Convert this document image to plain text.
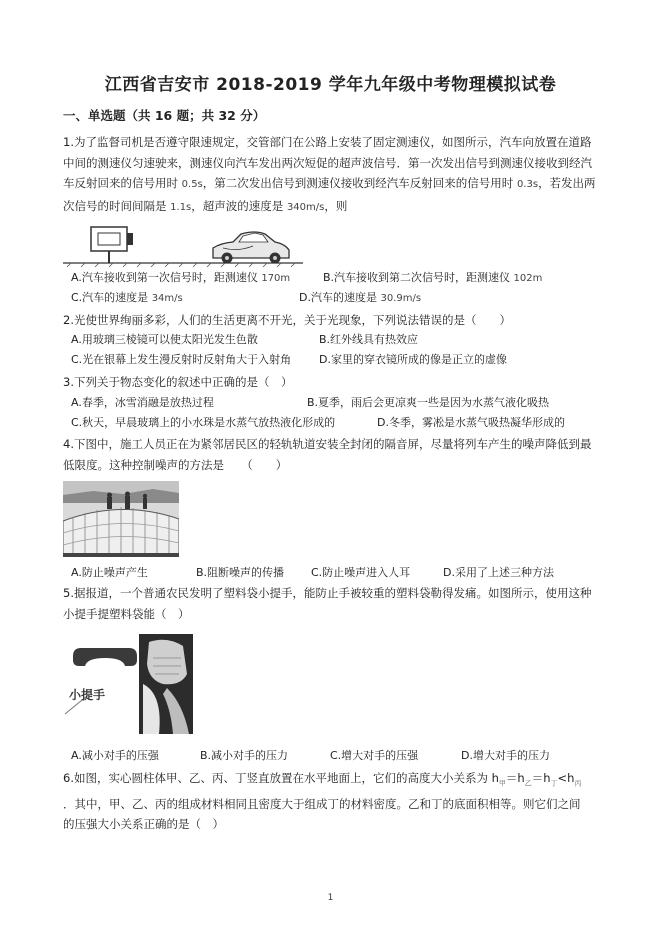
江西省吉安市 2018-2019 学年九年级中考物理模拟试卷
一、单选题（共 16 题；共 32 分）
1.为了监督司机是否遵守限速规定，交管部门在公路上安装了固定测速仪，如图所示，汽车向放置在道路
中间的测速仪匀速驶来，测速仪向汽车发出两次短促的超声波信号．第一次发出信号到测速仪接收到经汽
车反射回来的信号用时 0.5s，第二次发出信号到测速仪接收到经汽车反射回来的信号用时 0.3s，若发出两
次信号的时间间隔是 1.1s，超声波的速度是 340m/s，则
A.汽车接收到第一次信号时，距测速仪 170m	B.汽车接收到第二次信号时，距测速仪 102m
C.汽车的速度是 34m/s	D.汽车的速度是 30.9m/s
2.光使世界绚丽多彩，人们的生活更离不开光，关于光现象，下列说法错误的是（　　）
A.用玻璃三棱镜可以使太阳光发生色散	B.红外线具有热效应
C.光在银幕上发生漫反射时反射角大于入射角	D.家里的穿衣镜所成的像是正立的虚像
3.下列关于物态变化的叙述中正确的是（　）
A.春季，冰雪消融是放热过程	B.夏季，雨后会更凉爽一些是因为水蒸气液化吸热
C.秋天，早晨玻璃上的小水珠是水蒸气放热液化形成的	D.冬季，雾凇是水蒸气吸热凝华形成的
4.下图中，施工人员正在为紧邻居民区的轻轨轨道安装全封闭的隔音屏，尽量将列车产生的噪声降低到最
低限度。这种控制噪声的方法是　　（　　）
A.防止噪声产生	B.阻断噪声的传播 C.防止噪声进入人耳	D.采用了上述三种方法
5.据报道，一个普通农民发明了塑料袋小提手，能防止手被较重的塑料袋勒得发痛。如图所示，使用这种
小提手提塑料袋能（　）
小提手
A.减小对手的压强	B.减小对手的压力	C.增大对手的压强	D.增大对手的压力
6.如图，实心圆柱体甲、乙、丙、丁竖直放置在水平地面上，它们的高度大小关系为 $h_甲=h_乙=h_丁<h_丙$
．其中，甲、乙、丙的组成材料相同且密度大于组成丁的材料密度。乙和丁的底面积相等。则它们之间
的压强大小关系正确的是（　）
1
